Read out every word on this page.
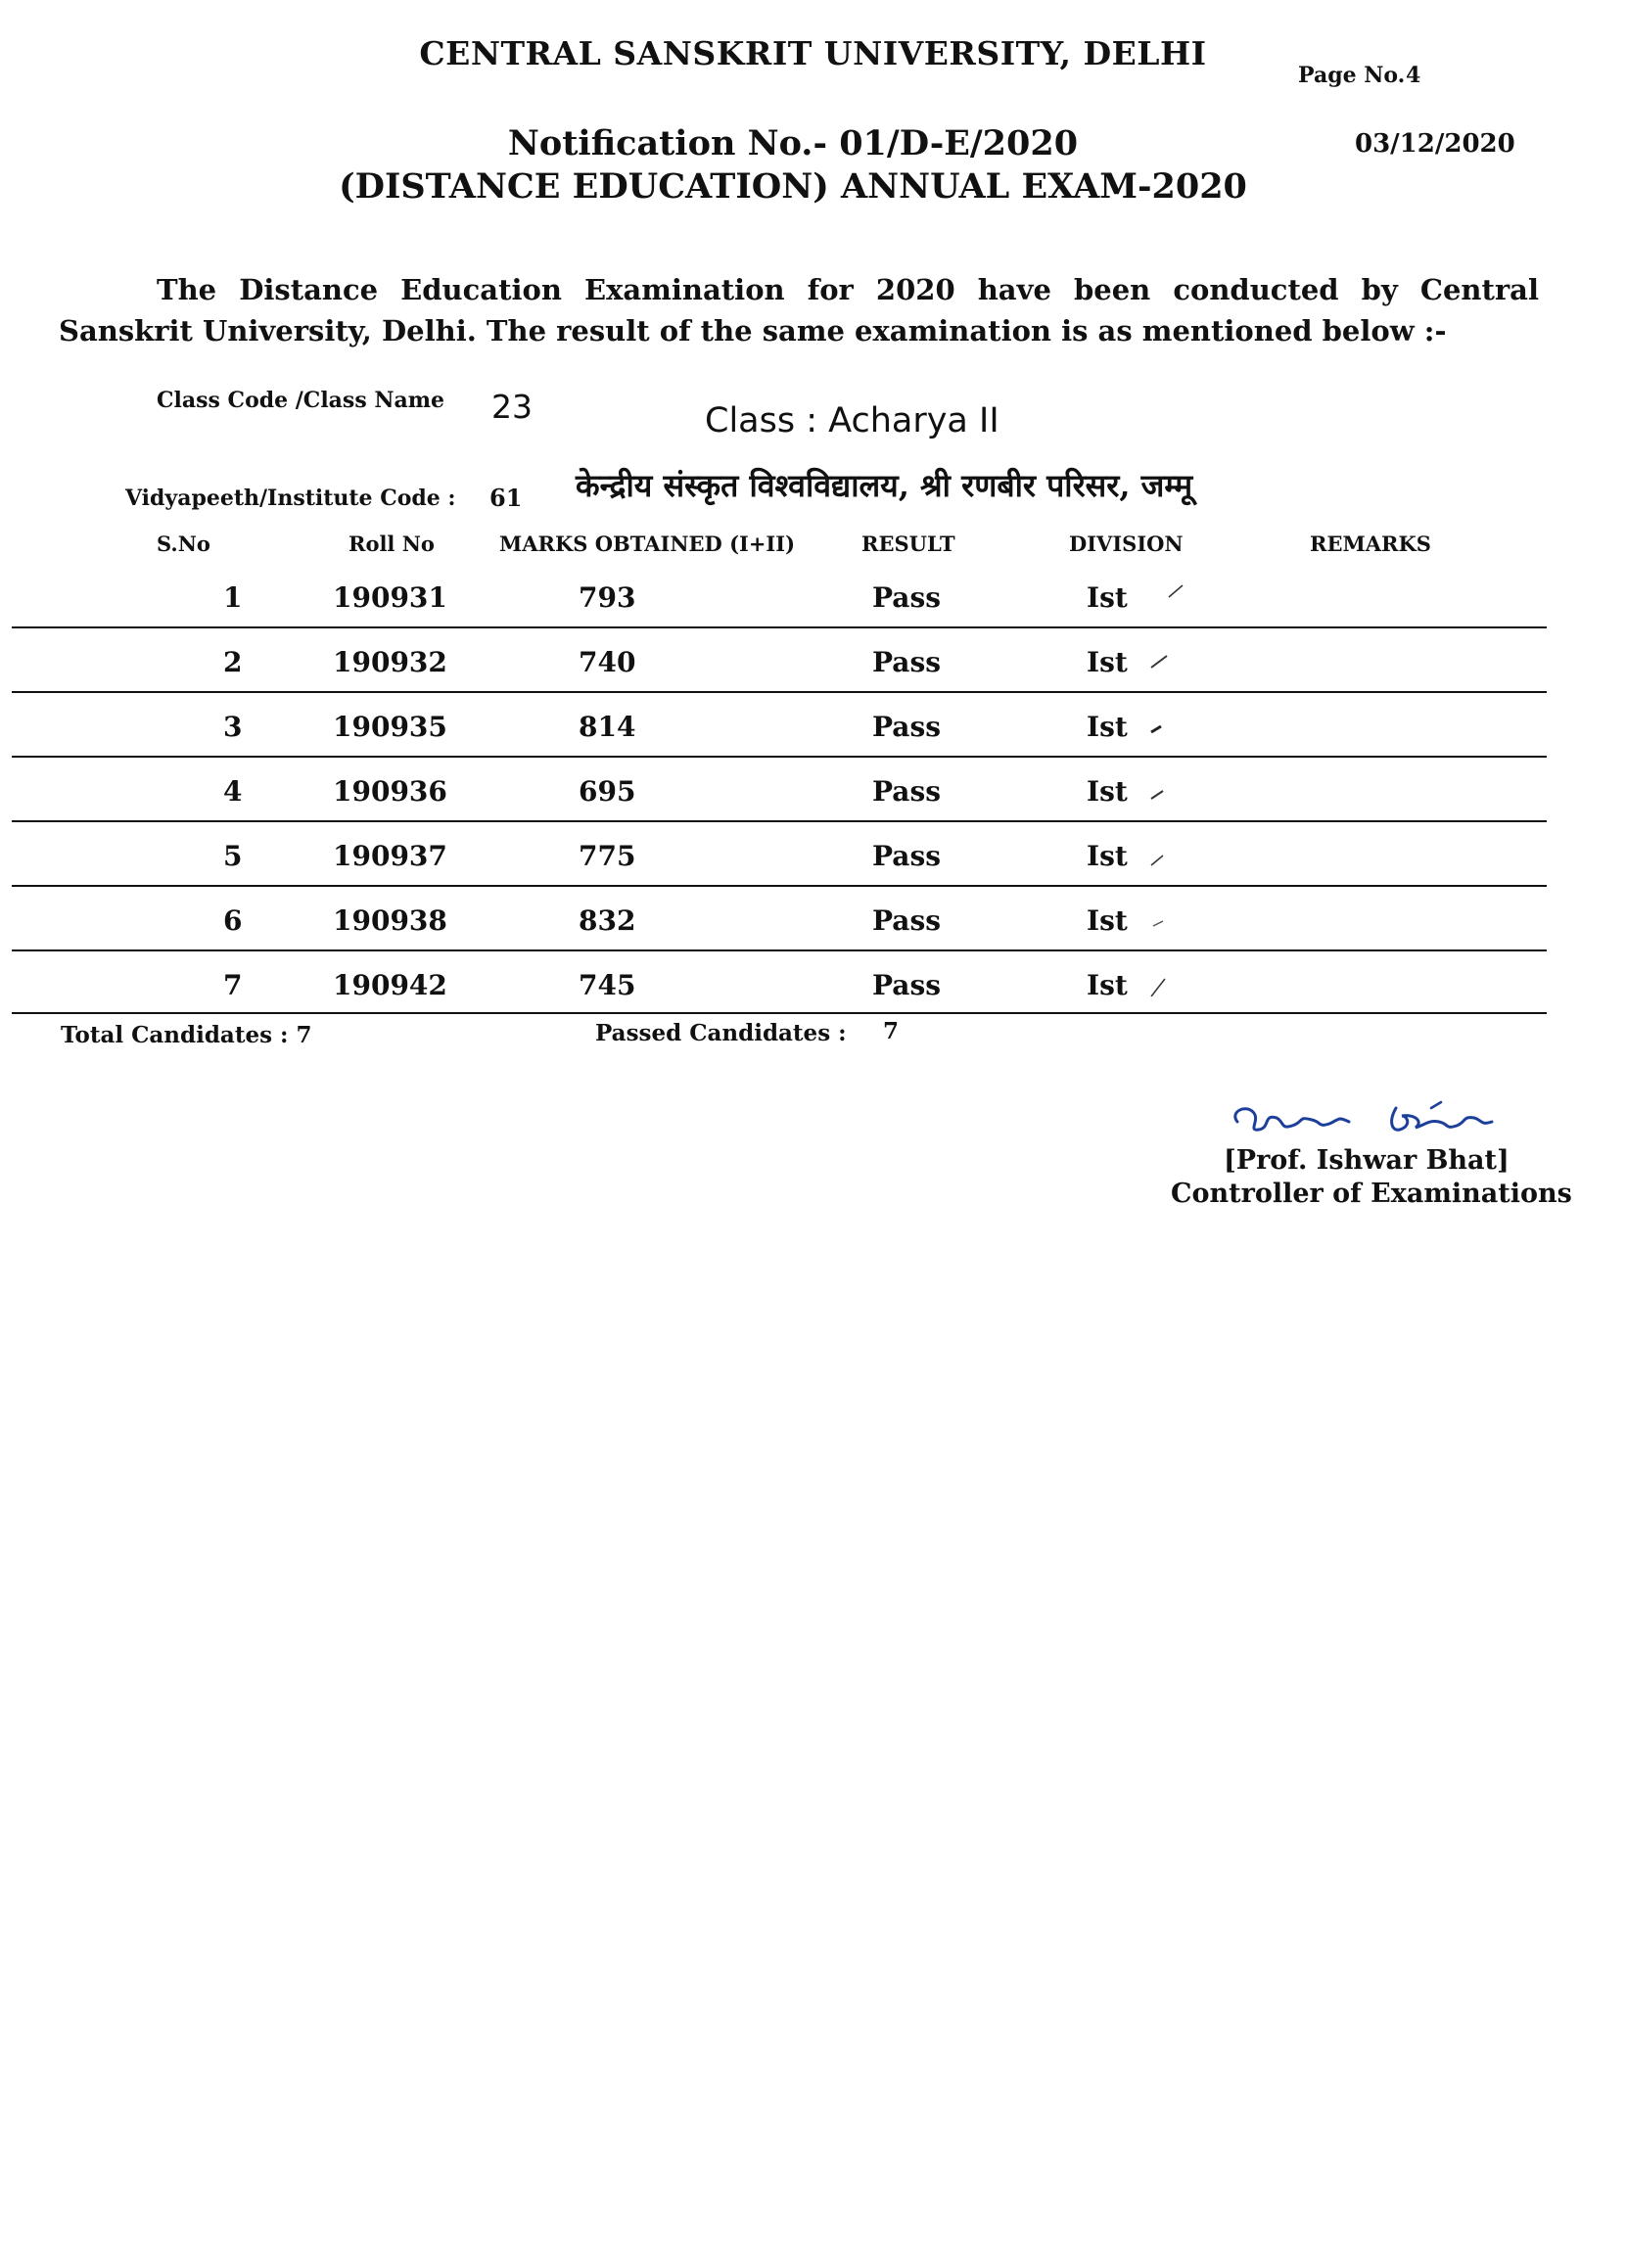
CENTRAL SANSKRIT UNIVERSITY, DELHI
Page No. 4
Notification No.- 01/D-E/2020	03/12/2020
(DISTANCE EDUCATION) ANNUAL EXAM-2020
The Distance Education Examination for 2020 have been conducted by Central Sanskrit University, Delhi. The result of the same examination is as mentioned below :-
Class Code /Class Name 23	Class : Acharya II
Vidyapeeth/Institute Code : 61 केन्द्रीय संस्कृत विश्वविद्यालय, श्री रणबीर परिसर, जम्मू
S.No	Roll No	MARKS OBTAINED (I+II)	RESULT	DIVISION	REMARKS
1	190931	793	Pass	Ist
2	190932	740	Pass	Ist
3	190935	814	Pass	Ist
4	190936	695	Pass	Ist
5	190937	775	Pass	Ist
6	190938	832	Pass	Ist
7	190942	745	Pass	Ist
Total Candidates : 7	Passed Candidates : 7
[Prof. Ishwar Bhat]
Controller of Examinations
